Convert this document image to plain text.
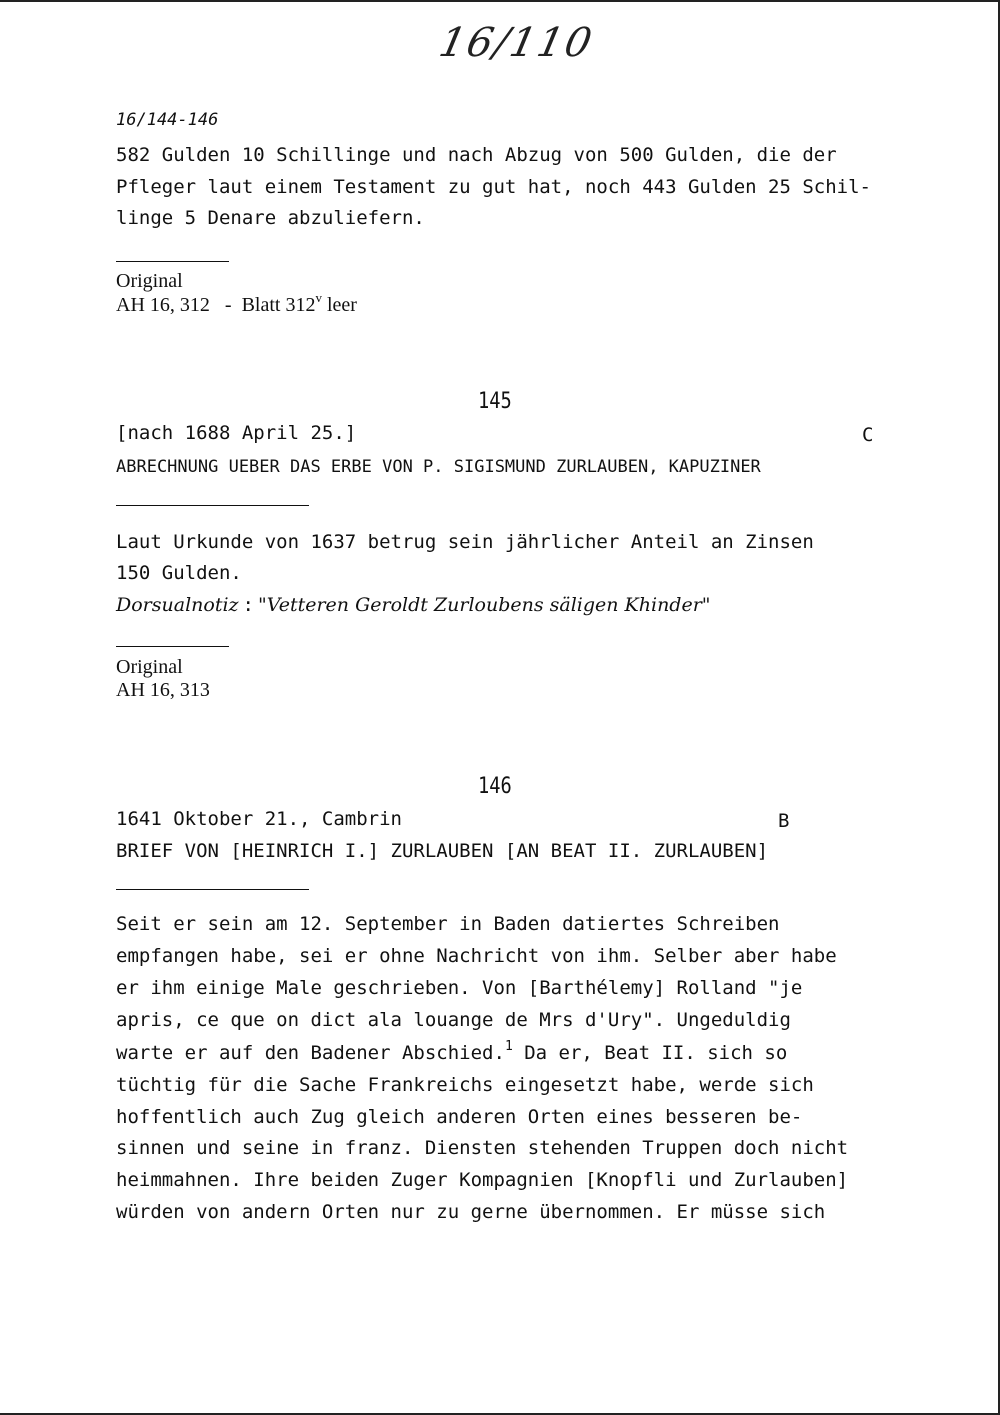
16/110
16/144-146
582 Gulden 10 Schillinge und nach Abzug von 500 Gulden, die der
Pfleger laut einem Testament zu gut hat, noch 443 Gulden 25 Schil-
linge 5 Denare abzuliefern.
Original
AH 16, 312 - Blatt 312$^v$ leer
145
[nach 1688 April 25.]	C
ABRECHNUNG UEBER DAS ERBE VON P. SIGISMUND ZURLAUBEN, KAPUZINER
Laut Urkunde von 1637 betrug sein jährlicher Anteil an Zinsen
150 Gulden.
Dorsualnotiz : "Vetteren Geroldt Zurloubens säligen Khinder"
Original
AH 16, 313
146
1641 Oktober 21., Cambrin	B
BRIEF VON [HEINRICH I.] ZURLAUBEN [AN BEAT II. ZURLAUBEN]
Seit er sein am 12. September in Baden datiertes Schreiben
empfangen habe, sei er ohne Nachricht von ihm. Selber aber habe
er ihm einige Male geschrieben. Von [Barthélemy] Rolland "je
apris, ce que on dict ala louange de Mrs d'Ury". Ungeduldig
warte er auf den Badener Abschied.$^1$ Da er, Beat II. sich so
tüchtig für die Sache Frankreichs eingesetzt habe, werde sich
hoffentlich auch Zug gleich anderen Orten eines besseren be-
sinnen und seine in franz. Diensten stehenden Truppen doch nicht
heimmahnen. Ihre beiden Zuger Kompagnien [Knopfli und Zurlauben]
würden von andern Orten nur zu gerne übernommen. Er müsse sich
